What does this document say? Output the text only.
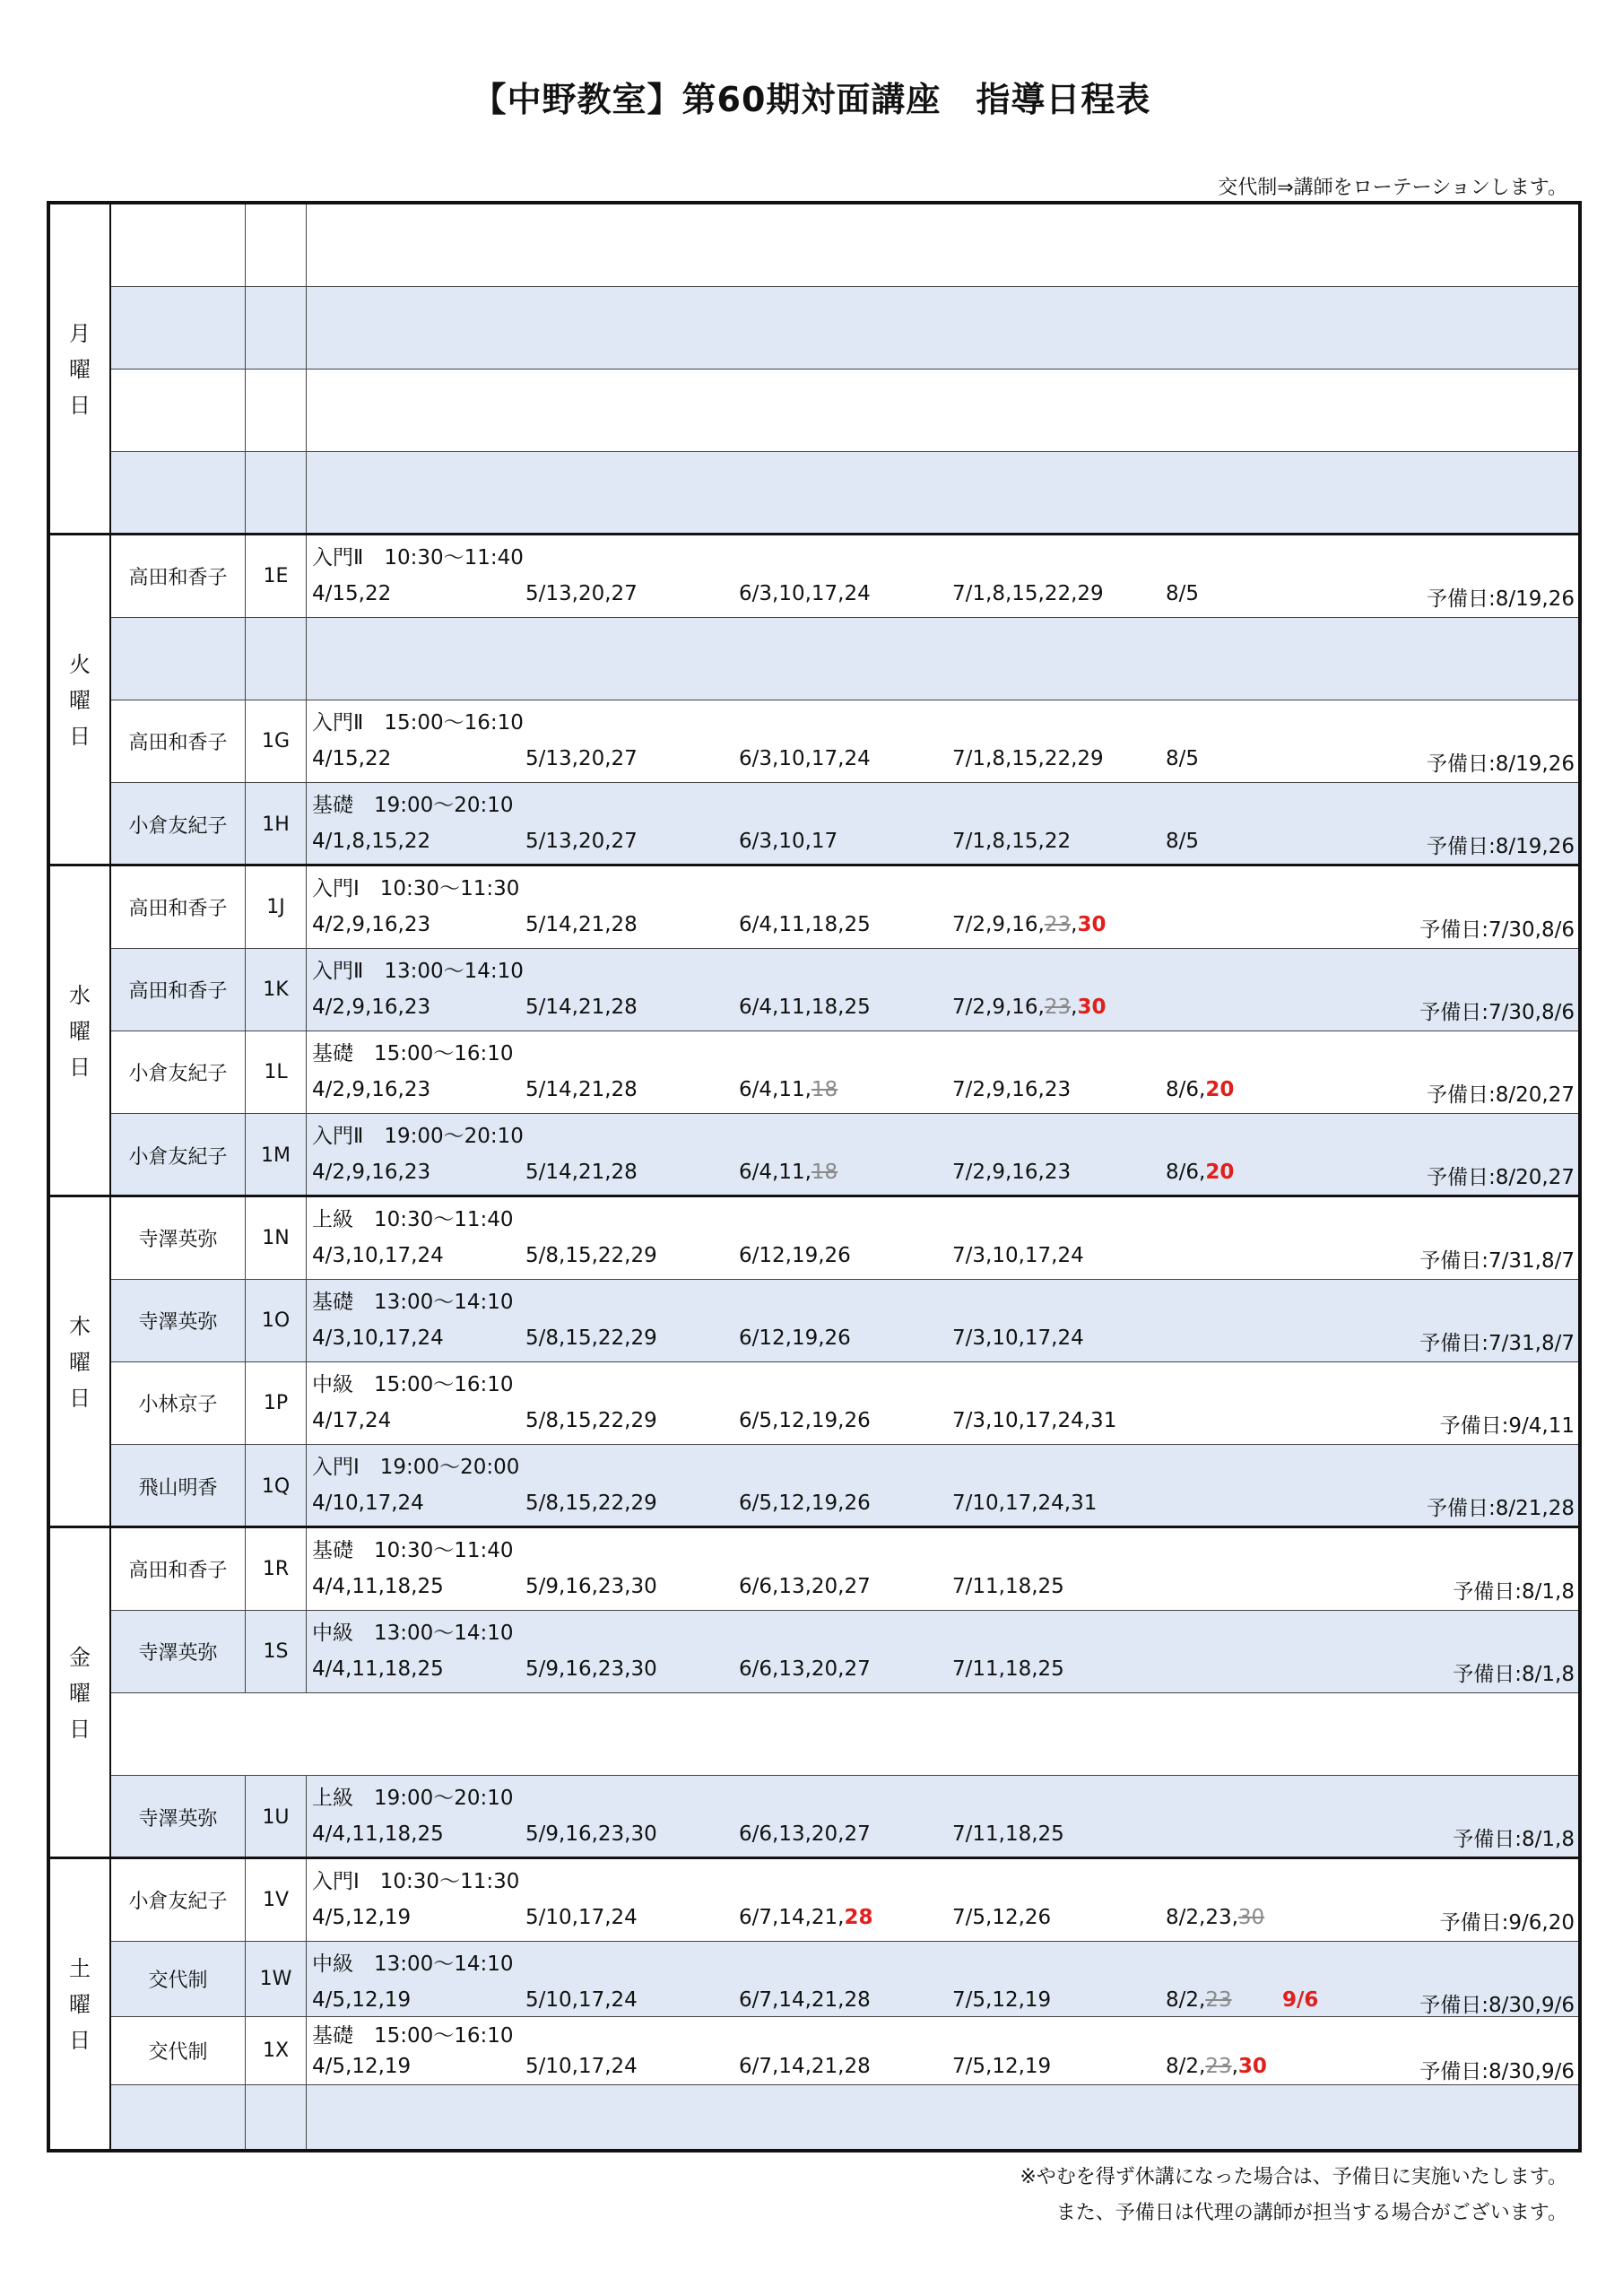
【中野教室】第60期対面講座　指導日程表
交代制⇒講師をローテーションします。
月
曜
日
火
曜
日
高田和香子	1E
入門Ⅱ　10:30～11:40
4/15,22	5/13,20,27	6/3,10,17,24	7/1,8,15,22,29	8/5	予備日:8/19,26
高田和香子	1G
入門Ⅱ　15:00～16:10
4/15,22	5/13,20,27	6/3,10,17,24	7/1,8,15,22,29	8/5	予備日:8/19,26
小倉友紀子	1H
基礎　19:00～20:10
4/1,8,15,22	5/13,20,27	6/3,10,17	7/1,8,15,22	8/5	予備日:8/19,26
水
曜
日
高田和香子	1J
入門Ⅰ　10:30～11:30
4/2,9,16,23	5/14,21,28	6/4,11,18,25	7/2,9,16,23,30	予備日:7/30,8/6
高田和香子	1K
入門Ⅱ　13:00～14:10
4/2,9,16,23	5/14,21,28	6/4,11,18,25	7/2,9,16,23,30	予備日:7/30,8/6
小倉友紀子	1L
基礎　15:00～16:10
4/2,9,16,23	5/14,21,28	6/4,11,18	7/2,9,16,23	8/6,20	予備日:8/20,27
小倉友紀子	1M
入門Ⅱ　19:00～20:10
4/2,9,16,23	5/14,21,28	6/4,11,18	7/2,9,16,23	8/6,20	予備日:8/20,27
木
曜
日
寺澤英弥	1N
上級　10:30～11:40
4/3,10,17,24	5/8,15,22,29	6/12,19,26	7/3,10,17,24	予備日:7/31,8/7
寺澤英弥	1O
基礎　13:00～14:10
4/3,10,17,24	5/8,15,22,29	6/12,19,26	7/3,10,17,24	予備日:7/31,8/7
小林京子	1P
中級　15:00～16:10
4/17,24	5/8,15,22,29	6/5,12,19,26	7/3,10,17,24,31	予備日:9/4,11
飛山明香	1Q
入門Ⅰ　19:00～20:00
4/10,17,24	5/8,15,22,29	6/5,12,19,26	7/10,17,24,31	予備日:8/21,28
金
曜
日
高田和香子	1R
基礎　10:30～11:40
4/4,11,18,25	5/9,16,23,30	6/6,13,20,27	7/11,18,25	予備日:8/1,8
寺澤英弥	1S
中級　13:00～14:10
4/4,11,18,25	5/9,16,23,30	6/6,13,20,27	7/11,18,25	予備日:8/1,8
寺澤英弥	1U
上級　19:00～20:10
4/4,11,18,25	5/9,16,23,30	6/6,13,20,27	7/11,18,25	予備日:8/1,8
土
曜
日
小倉友紀子	1V
入門Ⅰ　10:30～11:30
4/5,12,19	5/10,17,24	6/7,14,21,28	7/5,12,26	8/2,23,30	予備日:9/6,20
交代制	1W
中級　13:00～14:10
4/5,12,19	5/10,17,24	6/7,14,21,28	7/5,12,19	8/2,23 9/6	予備日:8/30,9/6
交代制	1X
基礎　15:00～16:10
4/5,12,19	5/10,17,24	6/7,14,21,28	7/5,12,19	8/2,23,30	予備日:8/30,9/6
※やむを得ず休講になった場合は、予備日に実施いたします。
また、予備日は代理の講師が担当する場合がございます。
